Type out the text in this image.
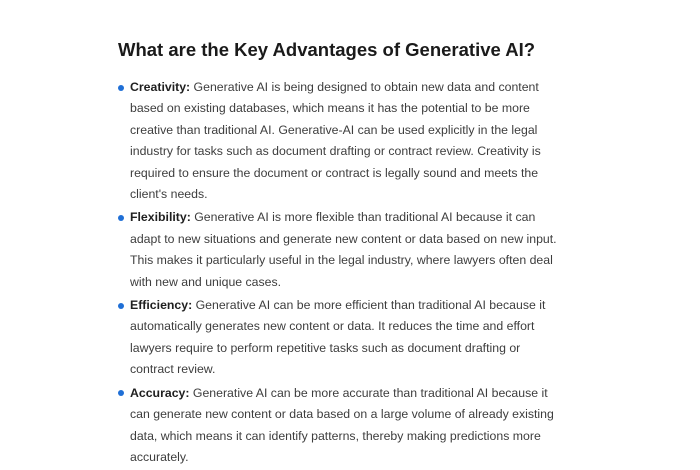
What are the Key Advantages of Generative AI?
Creativity: Generative AI is being designed to obtain new data and content based on existing databases, which means it has the potential to be more creative than traditional AI. Generative-AI can be used explicitly in the legal industry for tasks such as document drafting or contract review. Creativity is required to ensure the document or contract is legally sound and meets the client's needs.
Flexibility: Generative AI is more flexible than traditional AI because it can adapt to new situations and generate new content or data based on new input. This makes it particularly useful in the legal industry, where lawyers often deal with new and unique cases.
Efficiency: Generative AI can be more efficient than traditional AI because it automatically generates new content or data. It reduces the time and effort lawyers require to perform repetitive tasks such as document drafting or contract review.
Accuracy: Generative AI can be more accurate than traditional AI because it can generate new content or data based on a large volume of already existing data, which means it can identify patterns, thereby making predictions more accurately.
